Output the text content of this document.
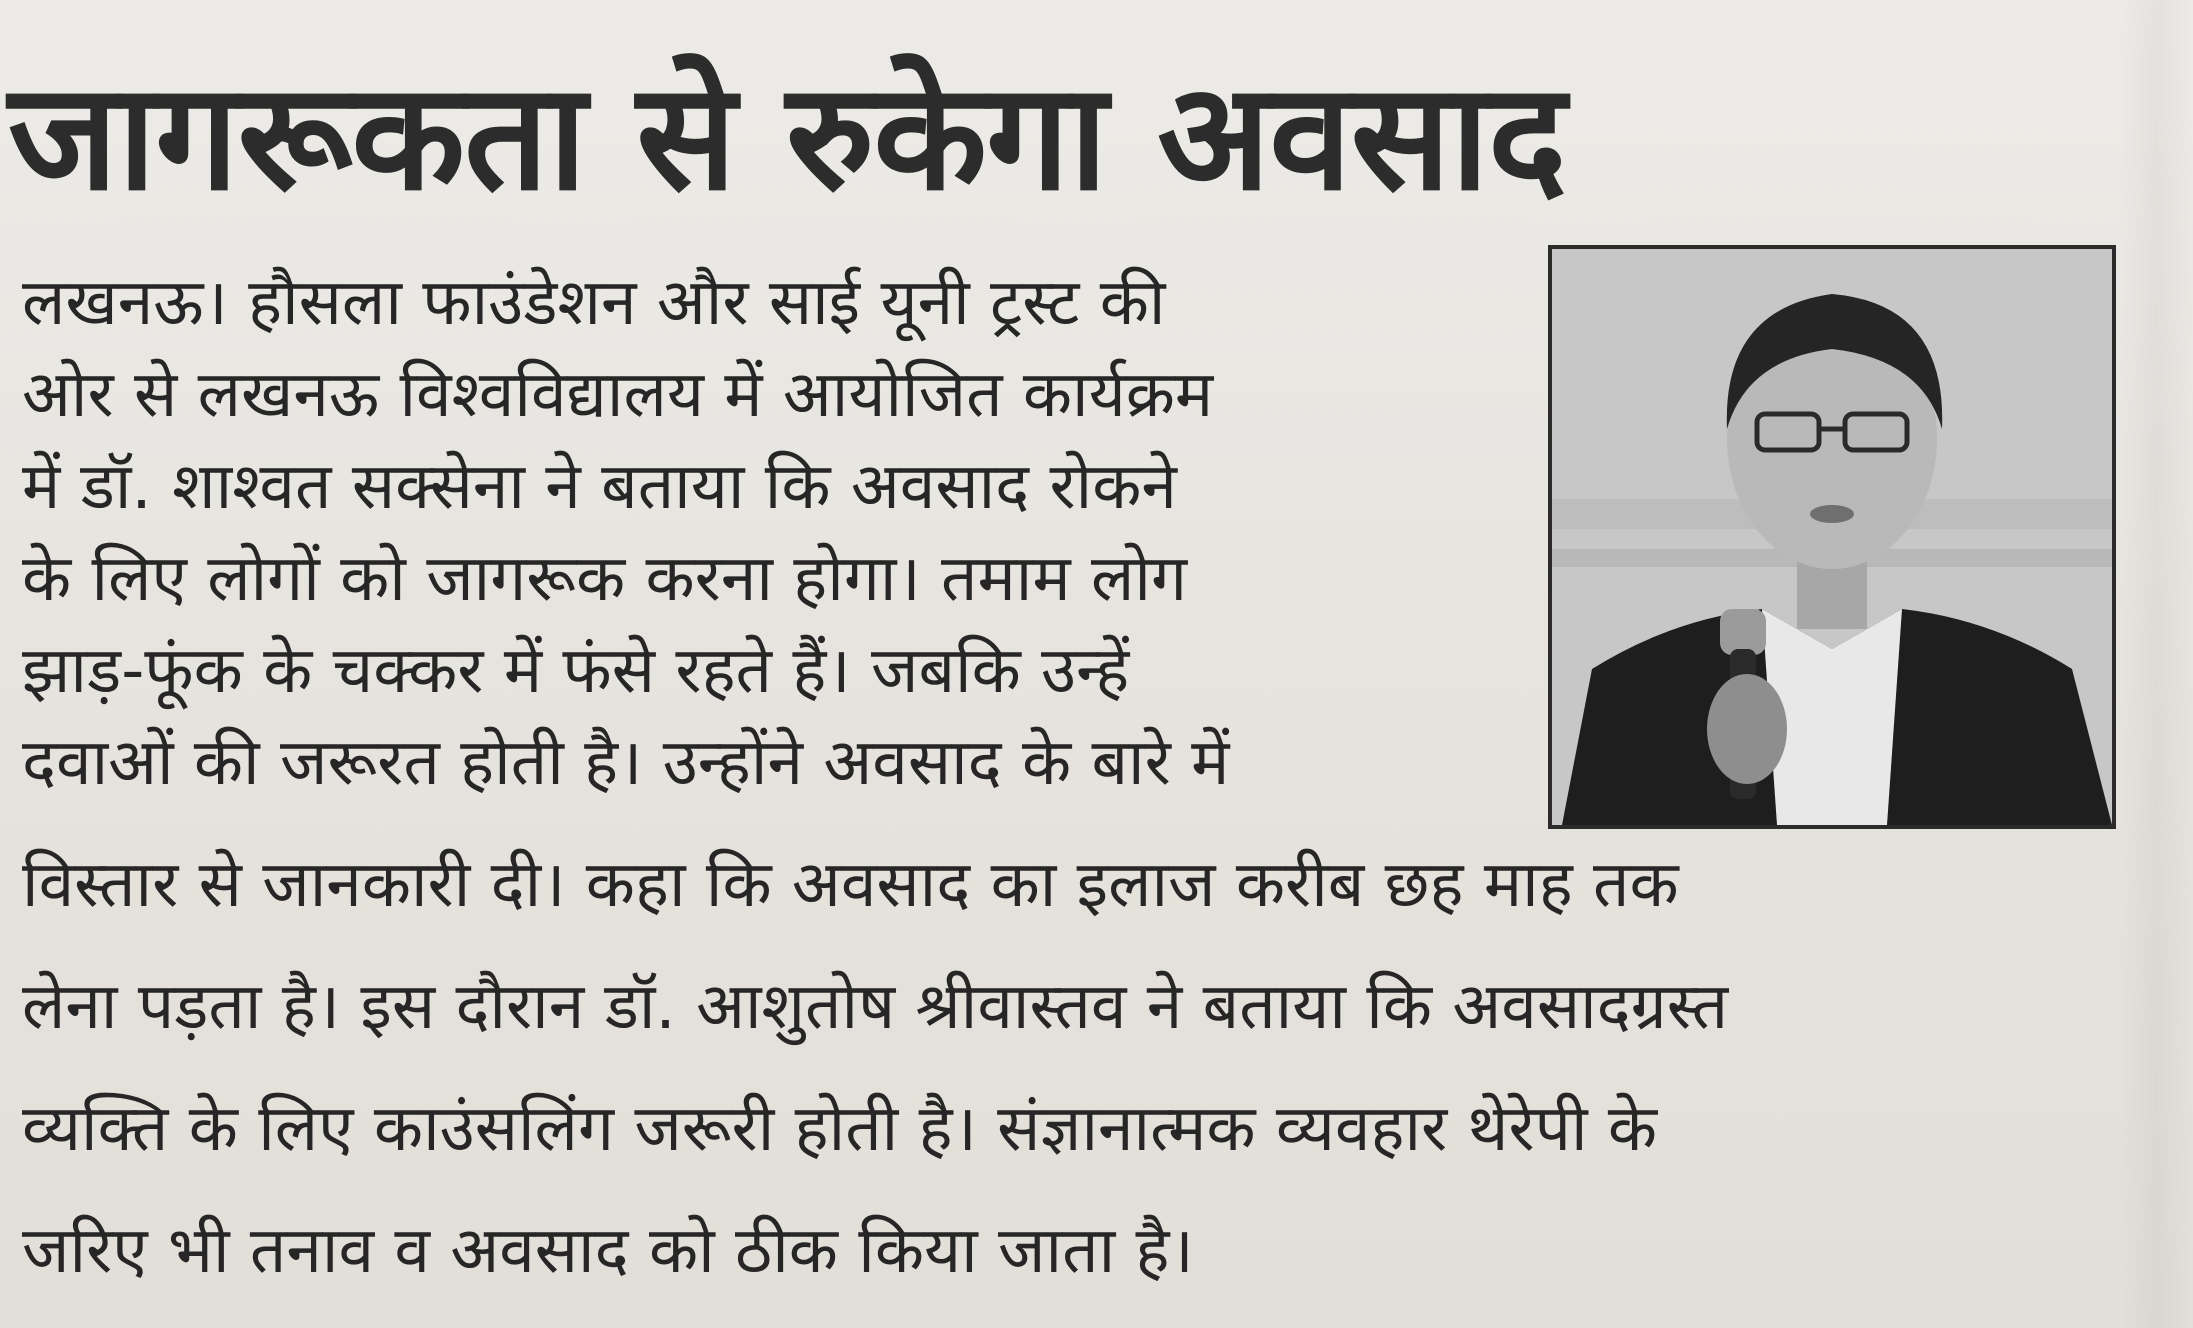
जागरूकता से रुकेगा अवसाद

लखनऊ। हौसला फाउंडेशन और साई यूनी ट्रस्ट की

ओर से लखनऊ विश्वविद्यालय में आयोजित कार्यक्रम

में डॉ. शाश्वत सक्सेना ने बताया कि अवसाद रोकने

के लिए लोगों को जागरूक करना होगा। तमाम लोग

झाड़-फूंक के चक्कर में फंसे रहते हैं। जबकि उन्हें

दवाओं की जरूरत होती है। उन्होंने अवसाद के बारे में

विस्तार से जानकारी दी। कहा कि अवसाद का इलाज करीब छह माह तक

लेना पड़ता है। इस दौरान डॉ. आशुतोष श्रीवास्तव ने बताया कि अवसादग्रस्त

व्यक्ति के लिए काउंसलिंग जरूरी होती है। संज्ञानात्मक व्यवहार थेरेपी के

जरिए भी तनाव व अवसाद को ठीक किया जाता है।
